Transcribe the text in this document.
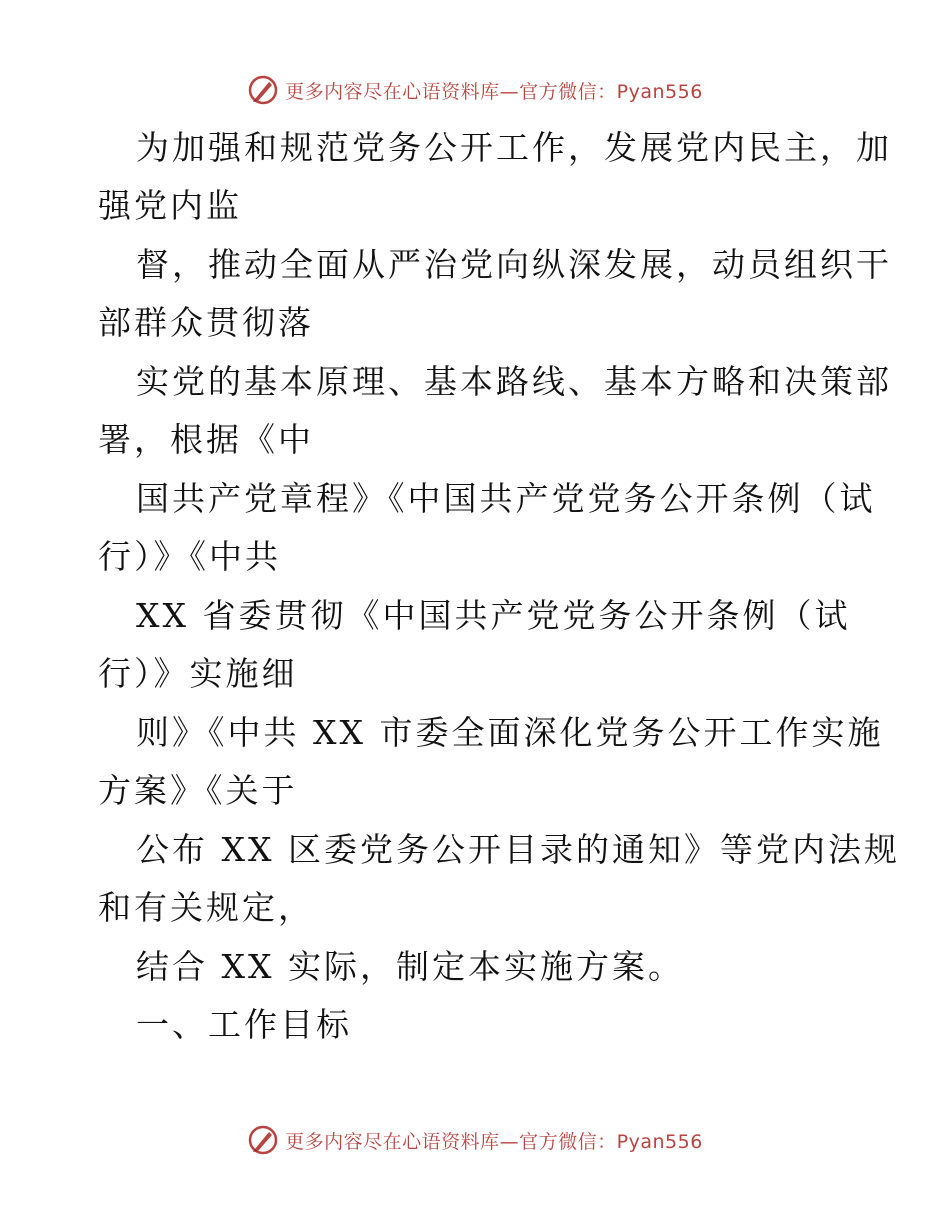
更多内容尽在心语资料库—官方微信：Pyan556
为加强和规范党务公开工作，发展党内民主，加
强党内监
督，推动全面从严治党向纵深发展，动员组织干
部群众贯彻落
实党的基本原理、基本路线、基本方略和决策部
署，根据《中
国共产党章程》《中国共产党党务公开条例（试
行）》《中共
XX 省委贯彻《中国共产党党务公开条例（试
行）》实施细
则》《中共 XX 市委全面深化党务公开工作实施
方案》《关于
公布 XX 区委党务公开目录的通知》等党内法规
和有关规定，
结合 XX 实际，制定本实施方案。
一、工作目标
更多内容尽在心语资料库—官方微信：Pyan556
